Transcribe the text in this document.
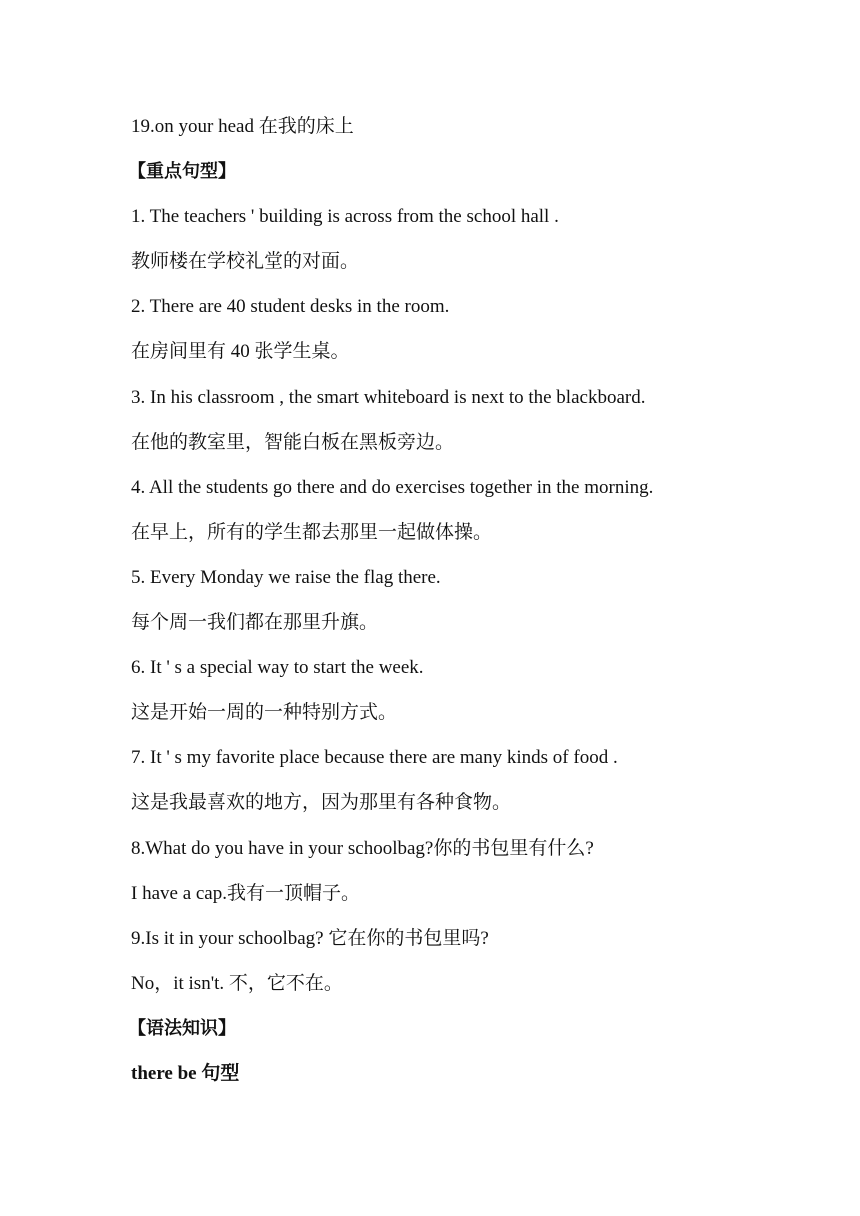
19.on your head 在我的床上
【重点句型】
1. The teachers ' building is across from the school hall .
教师楼在学校礼堂的对面。
2. There are 40 student desks in the room.
在房间里有 40 张学生桌。
3. In his classroom , the smart whiteboard is next to the blackboard.
在他的教室里，智能白板在黑板旁边。
4. All the students go there and do exercises together in the morning.
在早上，所有的学生都去那里一起做体操。
5. Every Monday we raise the flag there.
每个周一我们都在那里升旗。
6. It ' s a special way to start the week.
这是开始一周的一种特别方式。
7. It ' s my favorite place because there are many kinds of food .
这是我最喜欢的地方，因为那里有各种食物。
8.What do you have in your schoolbag?你的书包里有什么?
I have a cap.我有一顶帽子。
9.Is it in your schoolbag? 它在你的书包里吗?
No，it isn't. 不，它不在。
【语法知识】
there be 句型
